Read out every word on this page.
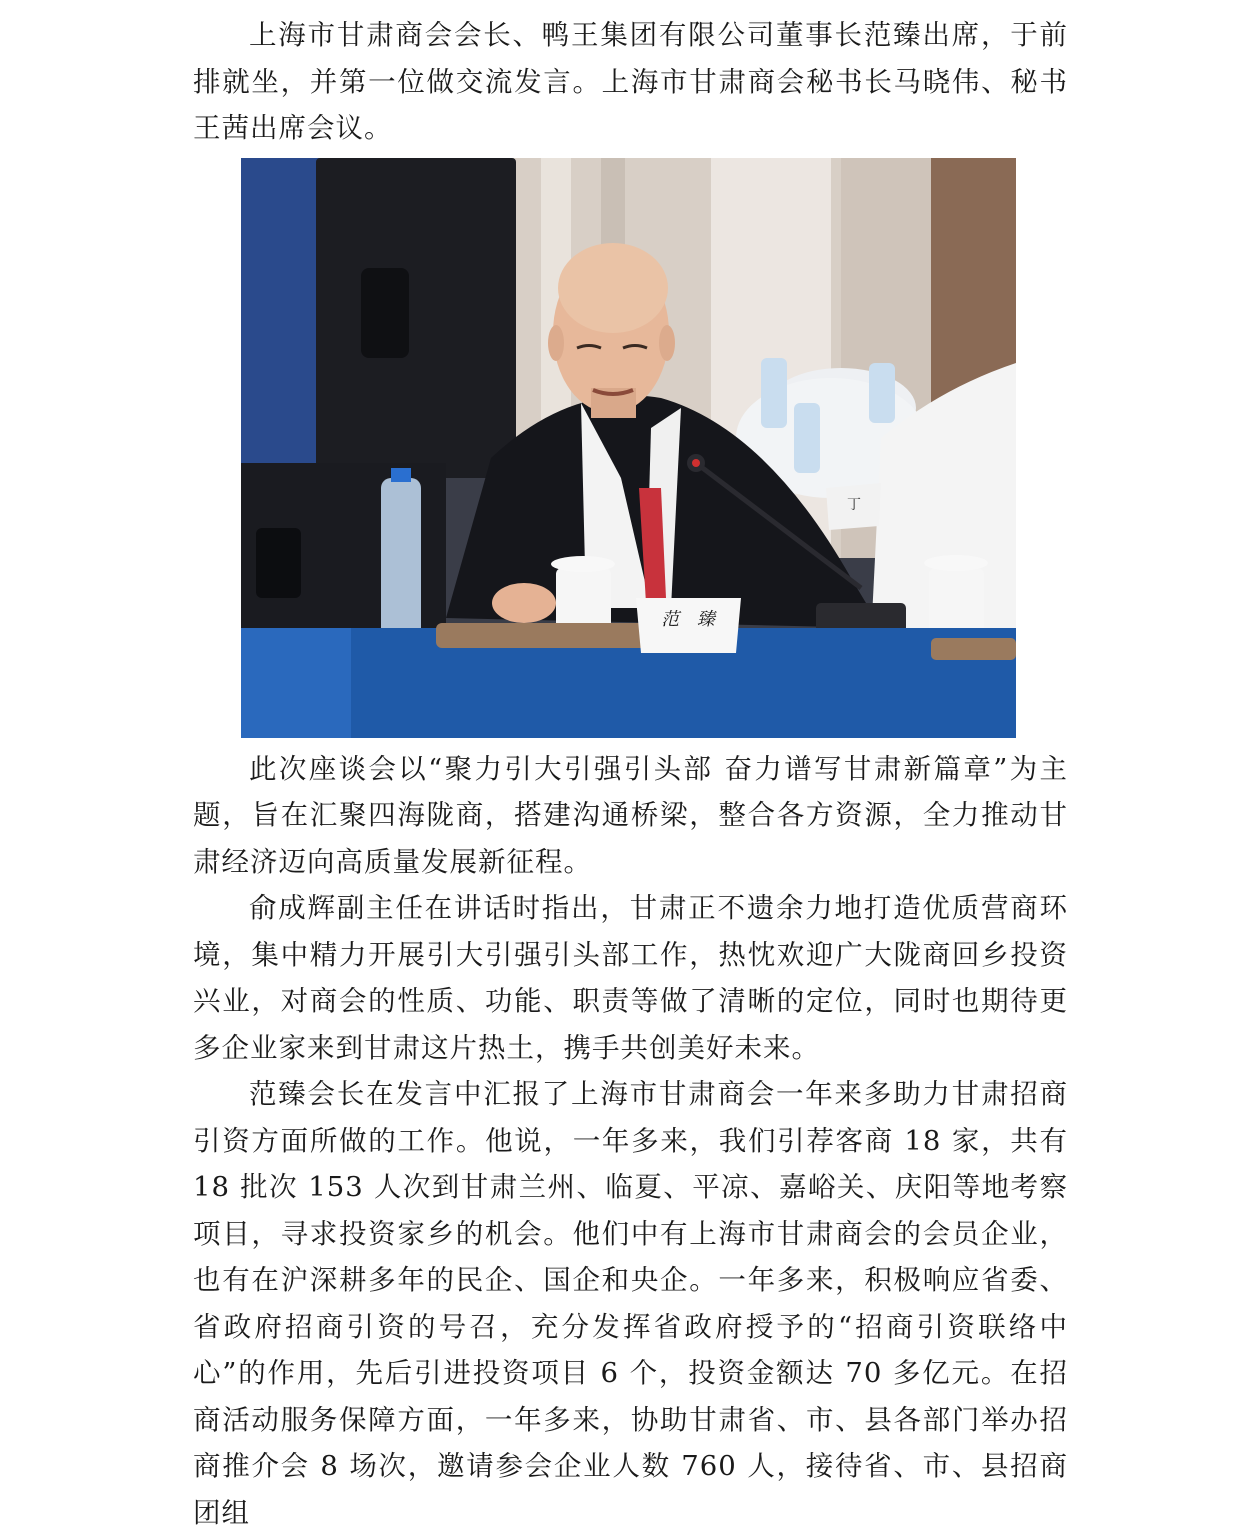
上海市甘肃商会会长、鸭王集团有限公司董事长范臻出席，于前排就坐，并第一位做交流发言。上海市甘肃商会秘书长马晓伟、秘书王茜出席会议。

范 臻
丁

此次座谈会以“聚力引大引强引头部 奋力谱写甘肃新篇章”为主题，旨在汇聚四海陇商，搭建沟通桥梁，整合各方资源，全力推动甘肃经济迈向高质量发展新征程。

俞成辉副主任在讲话时指出，甘肃正不遗余力地打造优质营商环境，集中精力开展引大引强引头部工作，热忱欢迎广大陇商回乡投资兴业，对商会的性质、功能、职责等做了清晰的定位，同时也期待更多企业家来到甘肃这片热土，携手共创美好未来。

范臻会长在发言中汇报了上海市甘肃商会一年来多助力甘肃招商引资方面所做的工作。他说，一年多来，我们引荐客商 18 家，共有 18 批次 153 人次到甘肃兰州、临夏、平凉、嘉峪关、庆阳等地考察项目，寻求投资家乡的机会。他们中有上海市甘肃商会的会员企业，也有在沪深耕多年的民企、国企和央企。一年多来，积极响应省委、省政府招商引资的号召，充分发挥省政府授予的“招商引资联络中心”的作用，先后引进投资项目 6 个，投资金额达 70 多亿元。在招商活动服务保障方面，一年多来，协助甘肃省、市、县各部门举办招商推介会 8 场次，邀请参会企业人数 760 人，接待省、市、县招商团组
